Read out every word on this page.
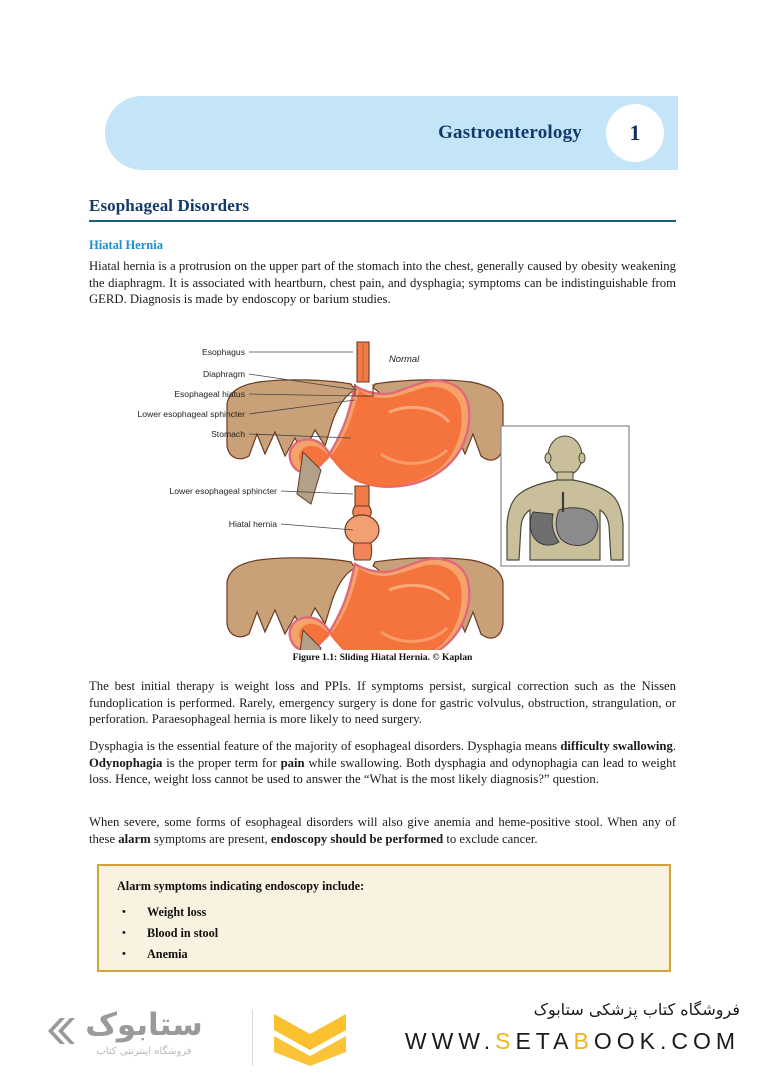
Gastroenterology 1
Esophageal Disorders
Hiatal Hernia
Hiatal hernia is a protrusion on the upper part of the stomach into the chest, generally caused by obesity weakening the diaphragm. It is associated with heartburn, chest pain, and dysphagia; symptoms can be indistinguishable from GERD. Diagnosis is made by endoscopy or barium studies.
Esophagus
Diaphragm
Esophageal hiatus
Lower esophageal sphincter
Stomach
Normal
Lower esophageal sphincter
Hiatal hernia
Figure 1.1: Sliding Hiatal Hernia. © Kaplan
The best initial therapy is weight loss and PPIs. If symptoms persist, surgical correction such as the Nissen fundoplication is performed. Rarely, emergency surgery is done for gastric volvulus, obstruction, strangulation, or perforation. Paraesophageal hernia is more likely to need surgery.
Dysphagia is the essential feature of the majority of esophageal disorders. Dysphagia means difficulty swallowing. Odynophagia is the proper term for pain while swallowing. Both dysphagia and odynophagia can lead to weight loss. Hence, weight loss cannot be used to answer the “What is the most likely diagnosis?” question.
When severe, some forms of esophageal disorders will also give anemia and heme-positive stool. When any of these alarm symptoms are present, endoscopy should be performed to exclude cancer.
Alarm symptoms indicating endoscopy include:
• Weight loss
• Blood in stool
• Anemia
ستابوک
فروشگاه اینترنتی کتاب
فروشگاه کتاب پزشکی ستابوک
WWW.SETABOOK.COM
